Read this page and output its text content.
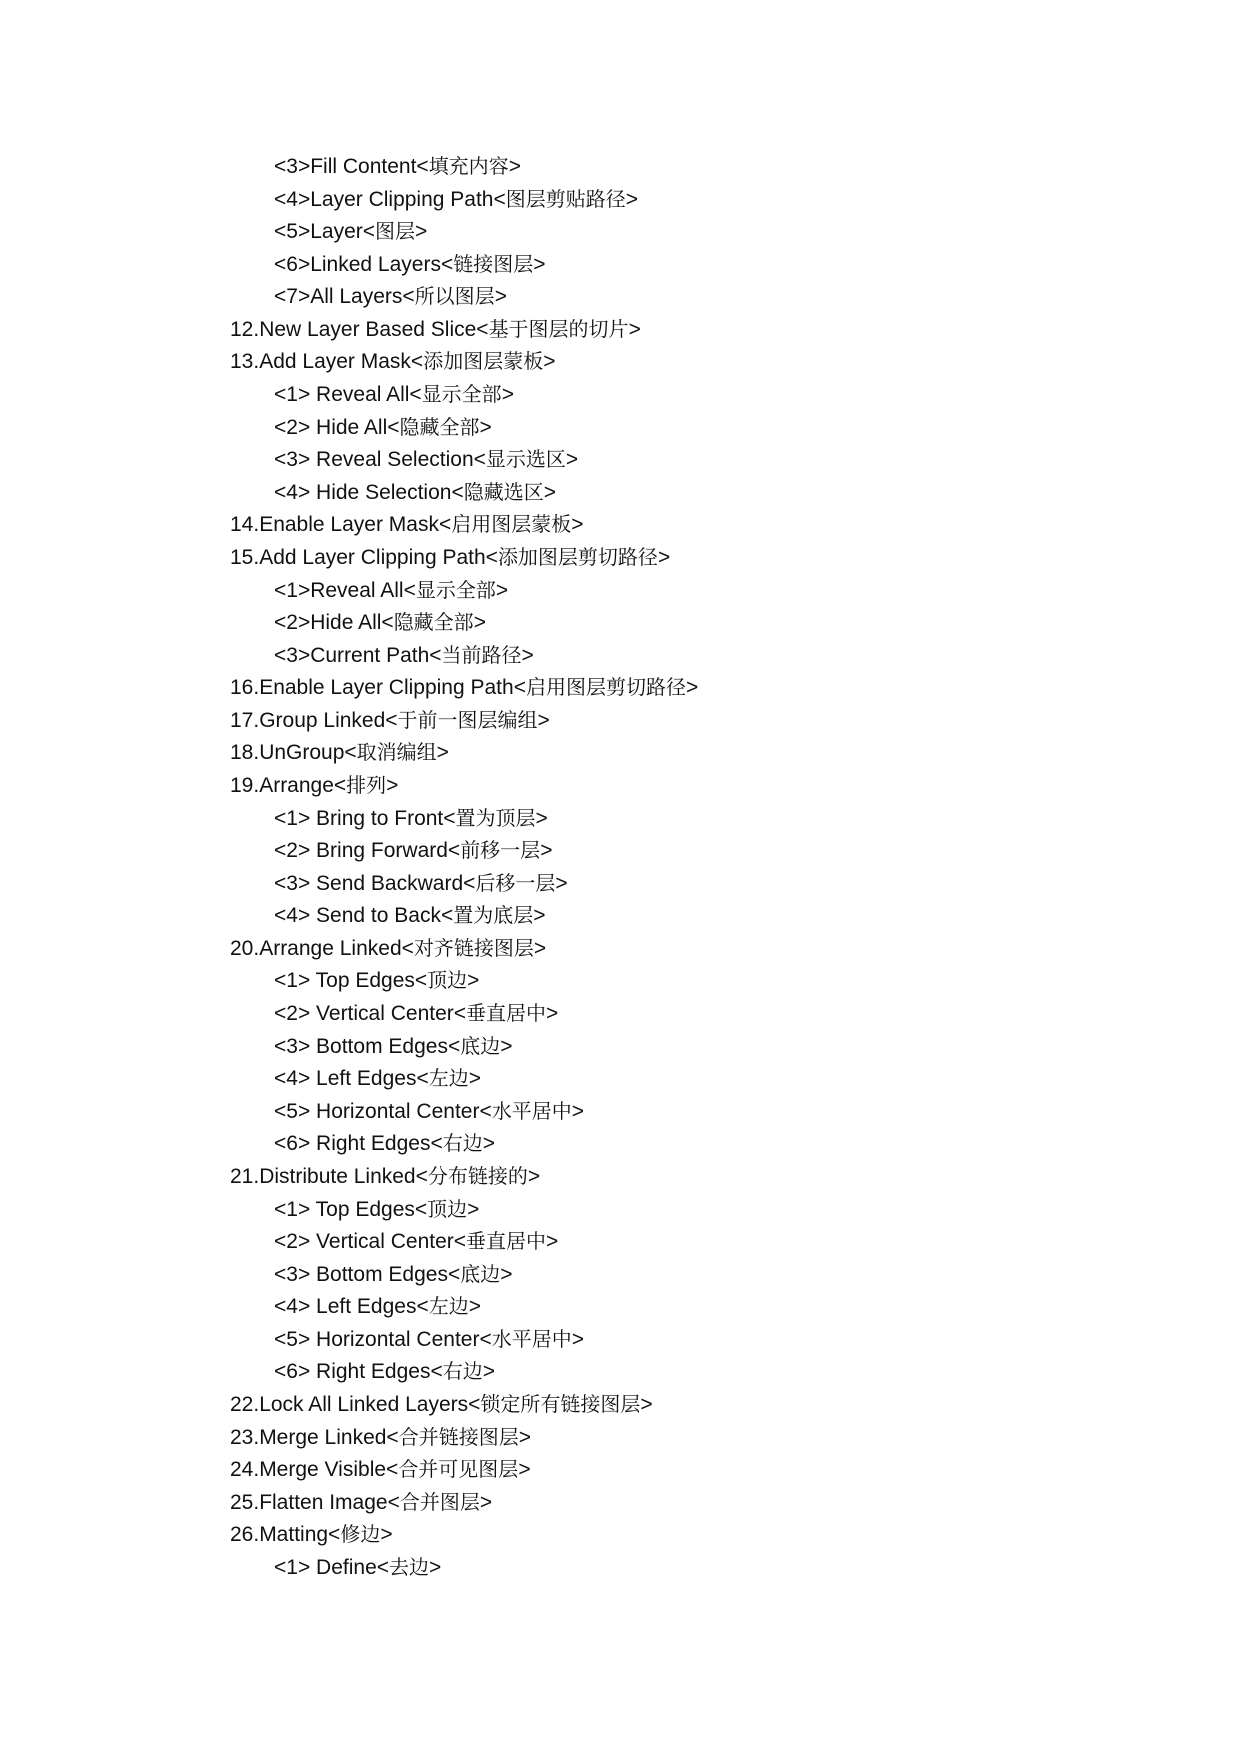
<3>Fill Content<填充内容>
<4>Layer Clipping Path<图层剪贴路径>
<5>Layer<图层>
<6>Linked Layers<链接图层>
<7>All Layers<所以图层>
12.New Layer Based Slice<基于图层的切片>
13.Add Layer Mask<添加图层蒙板>
<1> Reveal All<显示全部>
<2> Hide All<隐藏全部>
<3> Reveal Selection<显示选区>
<4> Hide Selection<隐藏选区>
14.Enable Layer Mask<启用图层蒙板>
15.Add Layer Clipping Path<添加图层剪切路径>
<1>Reveal All<显示全部>
<2>Hide All<隐藏全部>
<3>Current Path<当前路径>
16.Enable Layer Clipping Path<启用图层剪切路径>
17.Group Linked<于前一图层编组>
18.UnGroup<取消编组>
19.Arrange<排列>
<1> Bring to Front<置为顶层>
<2> Bring Forward<前移一层>
<3> Send Backward<后移一层>
<4> Send to Back<置为底层>
20.Arrange Linked<对齐链接图层>
<1> Top Edges<顶边>
<2> Vertical Center<垂直居中>
<3> Bottom Edges<底边>
<4> Left Edges<左边>
<5> Horizontal Center<水平居中>
<6> Right Edges<右边>
21.Distribute Linked<分布链接的>
<1> Top Edges<顶边>
<2> Vertical Center<垂直居中>
<3> Bottom Edges<底边>
<4> Left Edges<左边>
<5> Horizontal Center<水平居中>
<6> Right Edges<右边>
22.Lock All Linked Layers<锁定所有链接图层>
23.Merge Linked<合并链接图层>
24.Merge Visible<合并可见图层>
25.Flatten Image<合并图层>
26.Matting<修边>
<1> Define<去边>
